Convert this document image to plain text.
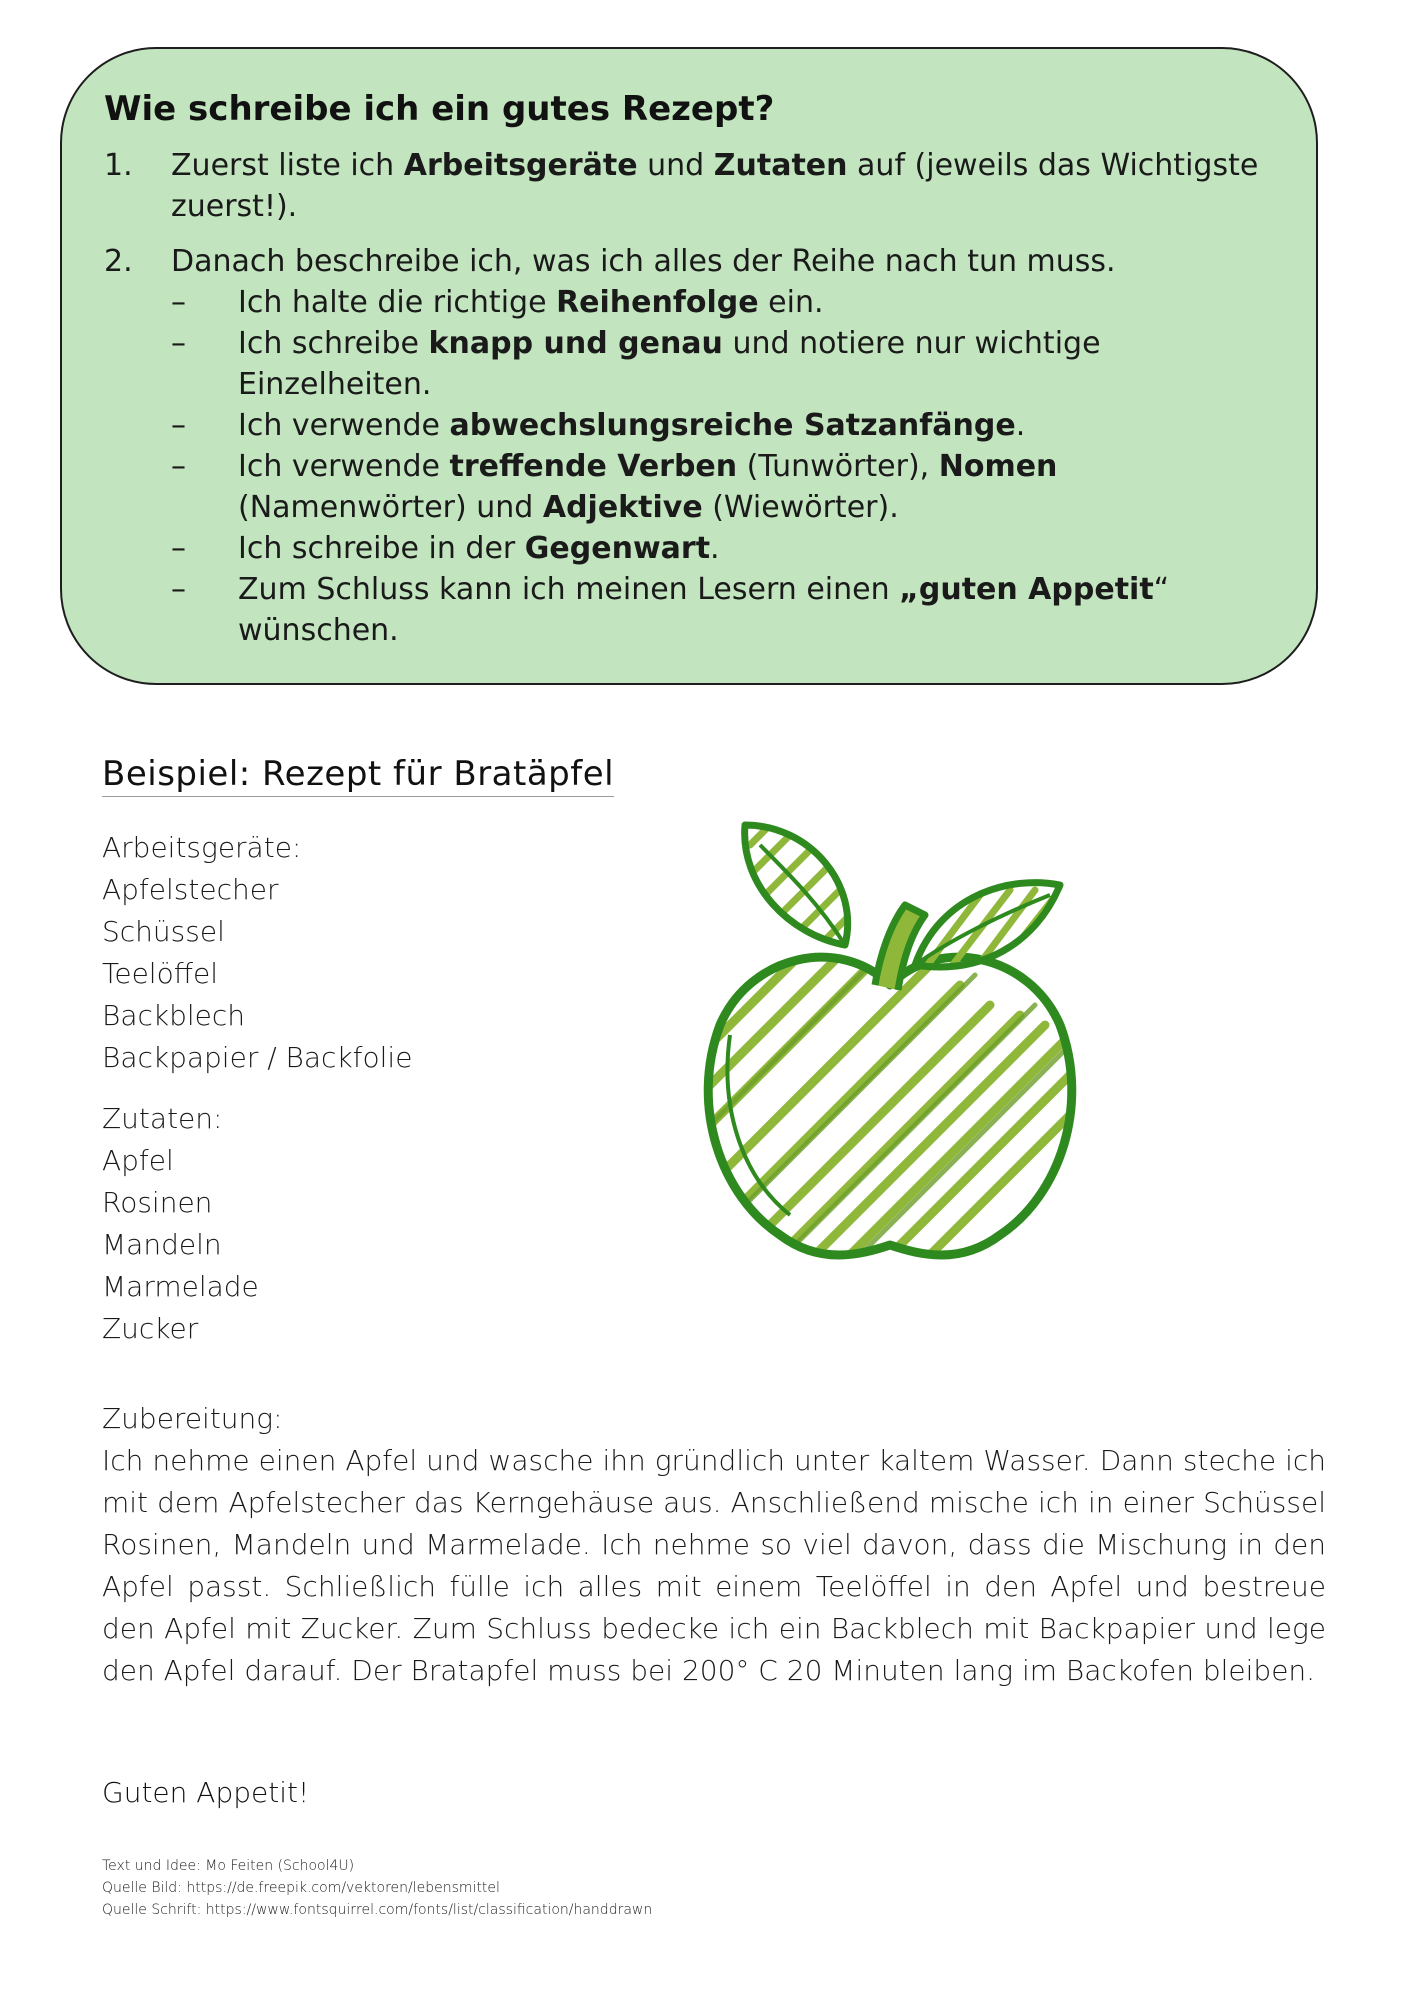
Wie schreibe ich ein gutes Rezept?
1.	Zuerst liste ich Arbeitsgeräte und Zutaten auf (jeweils das Wichtigste zuerst!).
2.	Danach beschreibe ich, was ich alles der Reihe nach tun muss.
–	Ich halte die richtige Reihenfolge ein.
–	Ich schreibe knapp und genau und notiere nur wichtige Einzelheiten.
–	Ich verwende abwechslungsreiche Satzanfänge.
–	Ich verwende treffende Verben (Tunwörter), Nomen (Namenwörter) und Adjektive (Wiewörter).
–	Ich schreibe in der Gegenwart.
–	Zum Schluss kann ich meinen Lesern einen „guten Appetit“ wünschen.
Beispiel: Rezept für Bratäpfel
Arbeitsgeräte:
Apfelstecher
Schüssel
Teelöffel
Backblech
Backpapier / Backfolie
Zutaten:
Apfel
Rosinen
Mandeln
Marmelade
Zucker
Zubereitung:

Ich nehme einen Apfel und wasche ihn gründlich unter kaltem Wasser. Dann steche ich mit dem Apfelstecher das Kerngehäuse aus. Anschließend mische ich in einer Schüssel Rosinen, Mandeln und Marmelade. Ich nehme so viel davon, dass die Mischung in den Apfel passt. Schließlich fülle ich alles mit einem Teelöffel in den Apfel und bestreue den Apfel mit Zucker. Zum Schluss bedecke ich ein Backblech mit Backpapier und lege den Apfel darauf. Der Bratapfel muss bei 200° C 20 Minuten lang im Backofen bleiben.

Guten Appetit!
Text und Idee: Mo Feiten (School4U)
Quelle Bild: https://de.freepik.com/vektoren/lebensmittel
Quelle Schrift: https://www.fontsquirrel.com/fonts/list/classification/handdrawn
